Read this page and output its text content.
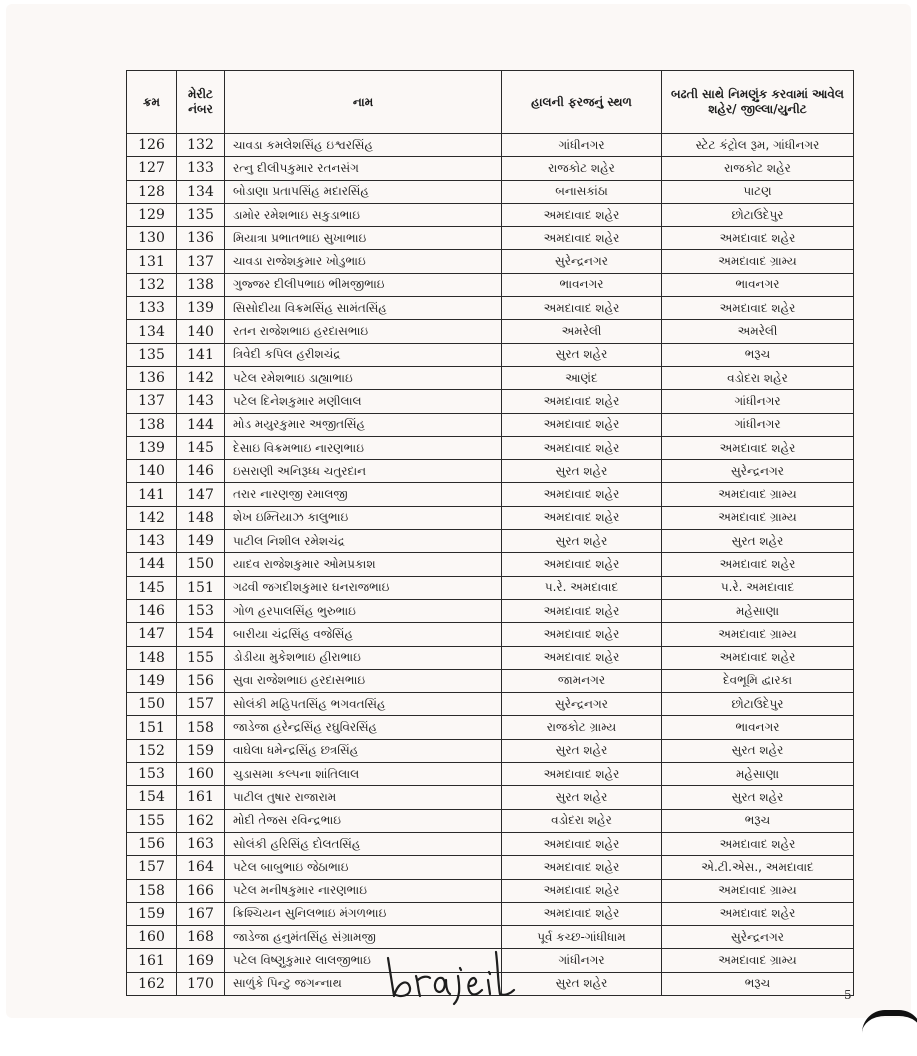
ક્રમ	મેરીટ નંબર	નામ	હાલની ફરજનું સ્થળ	બઢતી સાથે નિમણુંક કરવામાં આવેલ શહેર/ જીલ્લા/યુનીટ
126	132	ચાવડા કમલેશસિંહ ઇશ્વરસિંહ	ગાંધીનગર	સ્ટેટ કંટ્રોલ રૂમ, ગાંધીનગર
127	133	રત્નુ દીલીપકુમાર રતનસંગ	રાજકોટ શહેર	રાજકોટ શહેર
128	134	બોડાણા પ્રતાપસિંહ મદારસિંહ	બનાસકાંઠા	પાટણ
129	135	ડામોર રમેશભાઇ સકુડાભાઇ	અમદાવાદ શહેર	છોટાઉદેપુર
130	136	મિયાત્રા પ્રભાતભાઇ સુખાભાઇ	અમદાવાદ શહેર	અમદાવાદ શહેર
131	137	ચાવડા રાજેશકુમાર ખોડુભાઇ	સુરેન્દ્રનગર	અમદાવાદ ગ્રામ્ય
132	138	ગુજ્જર દીલીપભાઇ ભીમજીભાઇ	ભાવનગર	ભાવનગર
133	139	સિસોદીયા વિક્રમસિંહ સામંતસિંહ	અમદાવાદ શહેર	અમદાવાદ શહેર
134	140	રતન રાજેશભાઇ હરદાસભાઇ	અમરેલી	અમરેલી
135	141	ત્રિવેદી કપિલ હરીશચંદ્ર	સુરત શહેર	ભરૂચ
136	142	પટેલ રમેશભાઇ ડાહ્યાભાઇ	આણંદ	વડોદરા શહેર
137	143	પટેલ દિનેશકુમાર મણીલાલ	અમદાવાદ શહેર	ગાંધીનગર
138	144	મોડ મયુરકુમાર અજીતસિંહ	અમદાવાદ શહેર	ગાંધીનગર
139	145	દેસાઇ વિક્રમભાઇ નારણભાઇ	અમદાવાદ શહેર	અમદાવાદ શહેર
140	146	ઇસરાણી અનિરૂધ્ધ ચતુરદાન	સુરત શહેર	સુરેન્દ્રનગર
141	147	તરાર નારણજી રમાલજી	અમદાવાદ શહેર	અમદાવાદ ગ્રામ્ય
142	148	શેખ ઇમ્તિયાઝ કાલુભાઇ	અમદાવાદ શહેર	અમદાવાદ ગ્રામ્ય
143	149	પાટીલ નિશીલ રમેશચંદ્ર	સુરત શહેર	સુરત શહેર
144	150	યાદવ રાજેશકુમાર ઓમપ્રકાશ	અમદાવાદ શહેર	અમદાવાદ શહેર
145	151	ગઢવી જગદીશકુમાર ઘનરાજભાઇ	પ.રે. અમદાવાદ	પ.રે. અમદાવાદ
146	153	ગોળ હરપાલસિંહ ભુરુભાઇ	અમદાવાદ શહેર	મહેસાણા
147	154	બારીયા ચંદ્રસિંહ વજેસિંહ	અમદાવાદ શહેર	અમદાવાદ ગ્રામ્ય
148	155	ડોડીયા મુકેશભાઇ હીરાભાઇ	અમદાવાદ શહેર	અમદાવાદ શહેર
149	156	સુવા રાજેશભાઇ હરદાસભાઇ	જામનગર	દેવભૂમિ દ્વારકા
150	157	સોલંકી મહિપતસિંહ ભગવતસિંહ	સુરેન્દ્રનગર	છોટાઉદેપુર
151	158	જાડેજા હરેન્દ્રસિંહ રઘુવિરસિંહ	રાજકોટ ગ્રામ્ય	ભાવનગર
152	159	વાઘેલા ધમેન્દ્રસિંહ છત્રસિંહ	સુરત શહેર	સુરત શહેર
153	160	ચુડાસમા કલ્પના શાંતિલાલ	અમદાવાદ શહેર	મહેસાણા
154	161	પાટીલ તુષાર રાજારામ	સુરત શહેર	સુરત શહેર
155	162	મોદી તેજસ રવિન્દ્રભાઇ	વડોદરા શહેર	ભરૂચ
156	163	સોલંકી હરિસિંહ દોલતસિંહ	અમદાવાદ શહેર	અમદાવાદ શહેર
157	164	પટેલ બાબુભાઇ જેઠાભાઇ	અમદાવાદ શહેર	એ.ટી.એસ., અમદાવાદ
158	166	પટેલ મનીષકુમાર નારણભાઇ	અમદાવાદ શહેર	અમદાવાદ ગ્રામ્ય
159	167	ક્રિશ્ચિયન સુનિલભાઇ મંગળભાઇ	અમદાવાદ શહેર	અમદાવાદ શહેર
160	168	જાડેજા હનુમંતસિંહ સંગ્રામજી	પૂર્વ કચ્છ-ગાંધીધામ	સુરેન્દ્રનગર
161	169	પટેલ વિષ્ણુકુમાર લાલજીભાઇ	ગાંધીનગર	અમદાવાદ ગ્રામ્ય
162	170	સાળુંકે પિન્ટુ જગન્નાથ	સુરત શહેર	ભરૂચ
5
